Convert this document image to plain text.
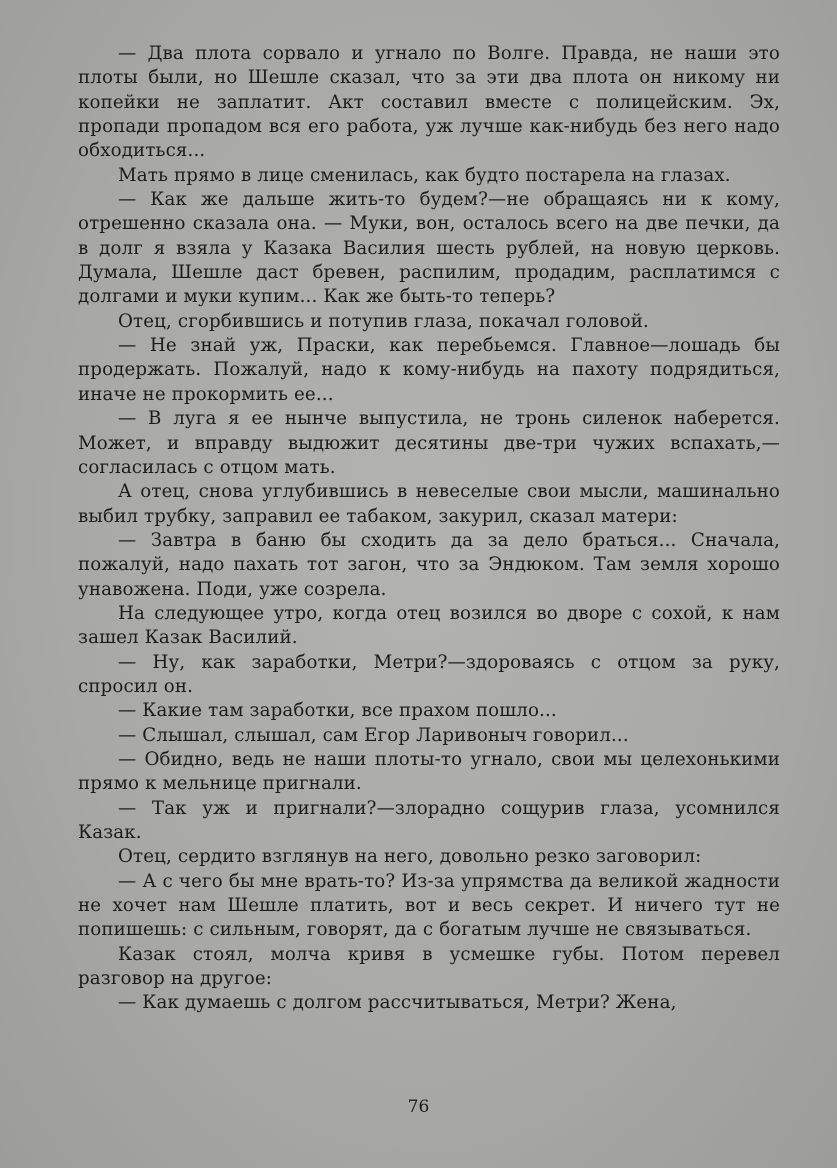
— Два плота сорвало и угнало по Волге. Правда, не наши это плоты были, но Шешле сказал, что за эти два плота он никому ни копейки не заплатит. Акт составил вместе с полицейским. Эх, пропади пропадом вся его работа, уж лучше как-нибудь без него надо обходиться...

Мать прямо в лице сменилась, как будто постарела на глазах.

— Как же дальше жить-то будем?—не обращаясь ни к кому, отрешенно сказала она. — Муки, вон, осталось всего на две печки, да в долг я взяла у Казака Василия шесть рублей, на новую церковь. Думала, Шешле даст бревен, распилим, продадим, расплатимся с долгами и муки купим... Как же быть-то теперь?

Отец, сгорбившись и потупив глаза, покачал головой.

— Не знай уж, Праски, как перебьемся. Главное—лошадь бы продержать. Пожалуй, надо к кому-нибудь на пахоту подрядиться, иначе не прокормить ее...

— В луга я ее нынче выпустила, не тронь силенок наберется. Может, и вправду выдюжит десятины две-три чужих вспахать,— согласилась с отцом мать.

А отец, снова углубившись в невеселые свои мысли, машинально выбил трубку, заправил ее табаком, закурил, сказал матери:

— Завтра в баню бы сходить да за дело браться... Сначала, пожалуй, надо пахать тот загон, что за Эндюком. Там земля хорошо унавожена. Поди, уже созрела.

На следующее утро, когда отец возился во дворе с сохой, к нам зашел Казак Василий.

— Ну, как заработки, Метри?—здороваясь с отцом за руку, спросил он.

— Какие там заработки, все прахом пошло...

— Слышал, слышал, сам Егор Ларивоныч говорил...

— Обидно, ведь не наши плоты-то угнало, свои мы целехонькими прямо к мельнице пригнали.

— Так уж и пригнали?—злорадно сощурив глаза, усомнился Казак.

Отец, сердито взглянув на него, довольно резко заговорил:

— А с чего бы мне врать-то? Из-за упрямства да великой жадности не хочет нам Шешле платить, вот и весь секрет. И ничего тут не попишешь: с сильным, говорят, да с богатым лучше не связываться.

Казак стоял, молча кривя в усмешке губы. Потом перевел разговор на другое:

— Как думаешь с долгом рассчитываться, Метри? Жена,

76
